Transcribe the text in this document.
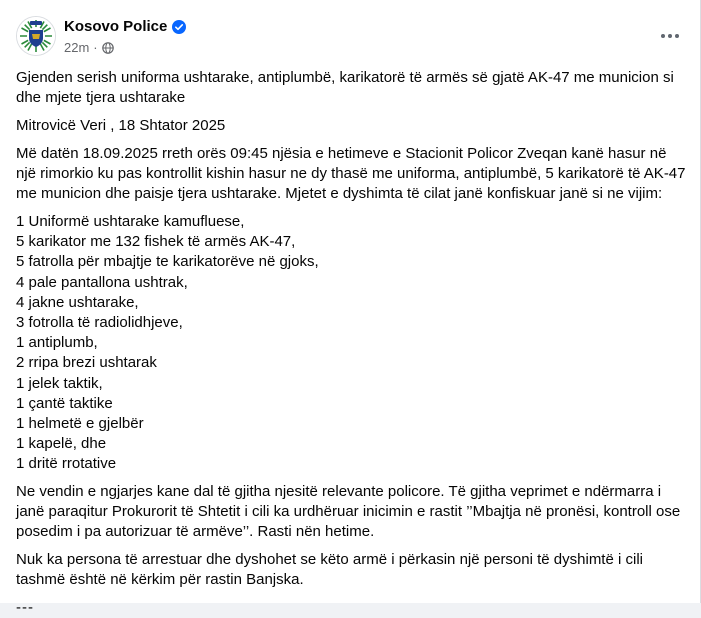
Kosovo Police
22m ·

Gjenden serish uniforma ushtarake, antiplumbë, karikatorë të armës së gjatë AK-47 me municion si dhe mjete tjera ushtarake

Mitrovicë Veri , 18 Shtator 2025

Më datën 18.09.2025 rreth orës 09:45 njësia e hetimeve e Stacionit Policor Zveqan kanë hasur në një rimorkio ku pas kontrollit kishin hasur ne dy thasë me uniforma, antiplumbë, 5 karikatorë të AK-47 me municion dhe paisje tjera ushtarake. Mjetet e dyshimta të cilat janë konfiskuar janë si ne vijim:

1 Uniformë ushtarake kamufluese,
5 karikator me 132 fishek të armës AK-47,
5 fatrolla për mbajtje te karikatorëve në gjoks,
4 pale pantallona ushtrak,
4 jakne ushtarake,
3 fotrolla të radiolidhjeve,
1 antiplumb,
2 rripa brezi ushtarak
1 jelek taktik,
1 çantë taktike
1 helmetë e gjelbër
1 kapelë, dhe
1 dritë rrotative

Ne vendin e ngjarjes kane dal të gjitha njesitë relevante policore. Të gjitha veprimet e ndërmarra i janë paraqitur Prokurorit të Shtetit i cili ka urdhëruar inicimin e rastit ’’Mbajtja në pronësi, kontroll ose posedim i pa autorizuar të armëve’’. Rasti nën hetime.

Nuk ka persona të arrestuar dhe dyshohet se këto armë i përkasin një personi të dyshimtë i cili tashmë është në kërkim për rastin Banjska.

---
